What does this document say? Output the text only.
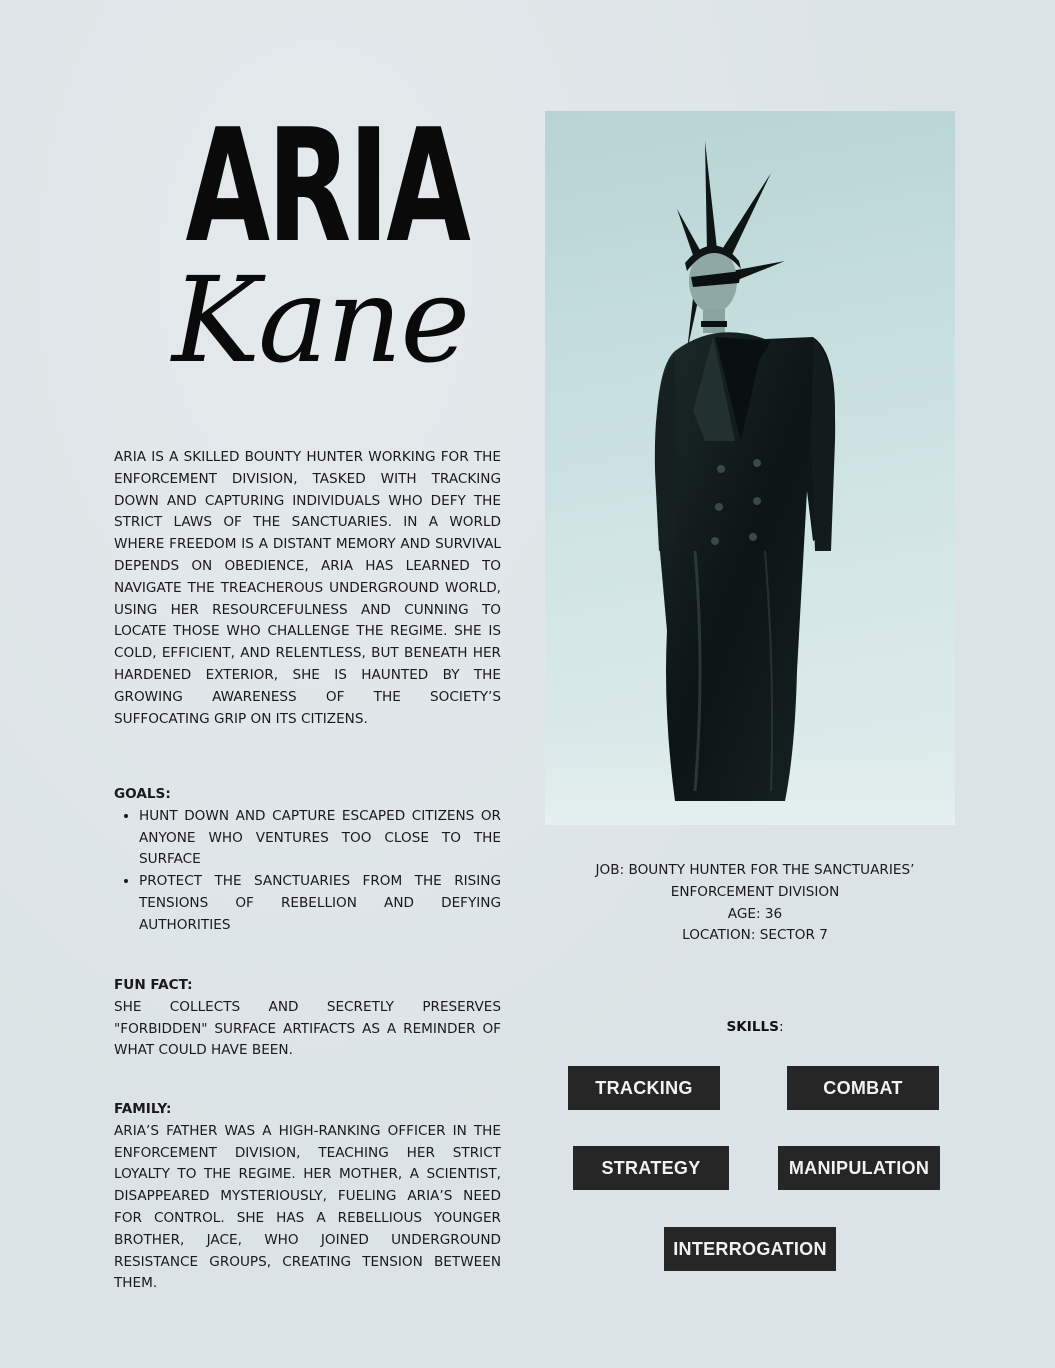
ARIA
Kane
ARIA IS A SKILLED BOUNTY HUNTER WORKING FOR THE ENFORCEMENT DIVISION, TASKED WITH TRACKING DOWN AND CAPTURING INDIVIDUALS WHO DEFY THE STRICT LAWS OF THE SANCTUARIES. IN A WORLD WHERE FREEDOM IS A DISTANT MEMORY AND SURVIVAL DEPENDS ON OBEDIENCE, ARIA HAS LEARNED TO NAVIGATE THE TREACHEROUS UNDERGROUND WORLD, USING HER RESOURCEFULNESS AND CUNNING TO LOCATE THOSE WHO CHALLENGE THE REGIME. SHE IS COLD, EFFICIENT, AND RELENTLESS, BUT BENEATH HER HARDENED EXTERIOR, SHE IS HAUNTED BY THE GROWING AWARENESS OF THE SOCIETY’S SUFFOCATING GRIP ON ITS CITIZENS.

GOALS:

• HUNT DOWN AND CAPTURE ESCAPED CITIZENS OR ANYONE WHO VENTURES TOO CLOSE TO THE SURFACE
• PROTECT THE SANCTUARIES FROM THE RISING TENSIONS OF REBELLION AND DEFYING AUTHORITIES

FUN FACT:

SHE COLLECTS AND SECRETLY PRESERVES "FORBIDDEN" SURFACE ARTIFACTS AS A REMINDER OF WHAT COULD HAVE BEEN.

FAMILY:

ARIA’S FATHER WAS A HIGH-RANKING OFFICER IN THE ENFORCEMENT DIVISION, TEACHING HER STRICT LOYALTY TO THE REGIME. HER MOTHER, A SCIENTIST, DISAPPEARED MYSTERIOUSLY, FUELING ARIA’S NEED FOR CONTROL. SHE HAS A REBELLIOUS YOUNGER BROTHER, JACE, WHO JOINED UNDERGROUND RESISTANCE GROUPS, CREATING TENSION BETWEEN THEM.
JOB: BOUNTY HUNTER FOR THE SANCTUARIES’
ENFORCEMENT DIVISION
AGE: 36
LOCATION: SECTOR 7
SKILLS:
TRACKING	COMBAT
STRATEGY	MANIPULATION
INTERROGATION
